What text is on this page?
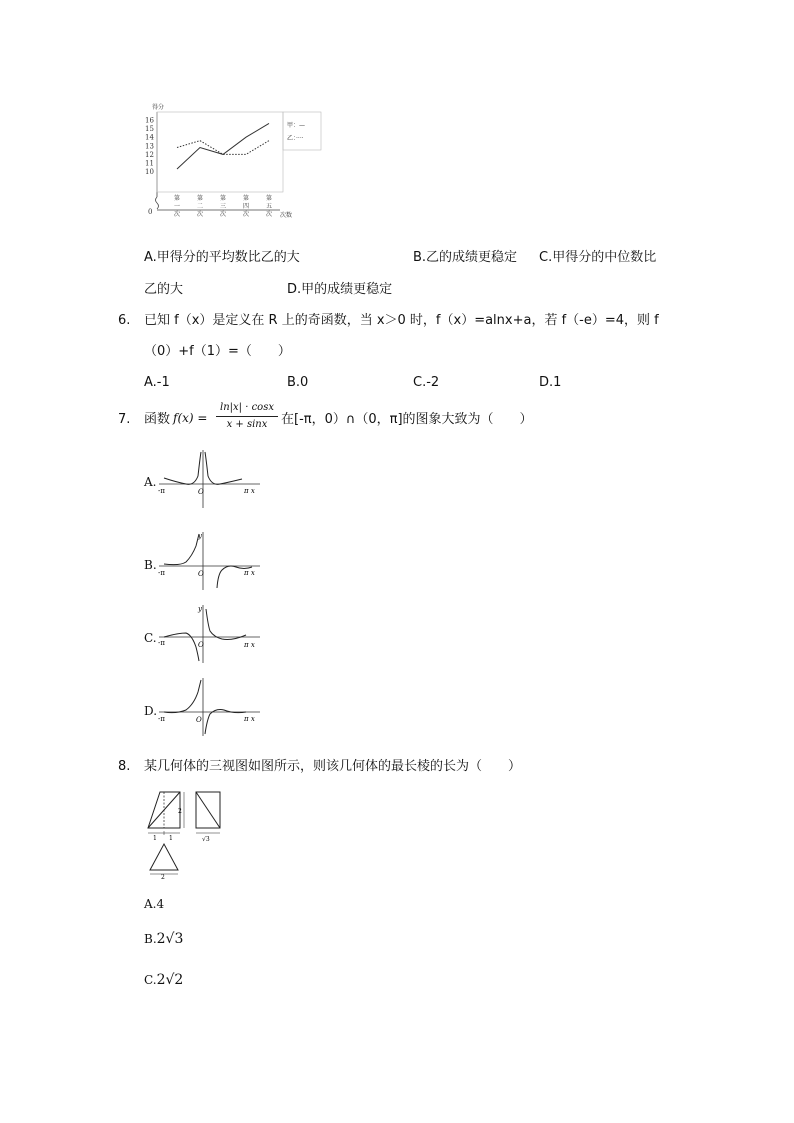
得分
0
16
15
14
13
12
11
10
第
一
次
第
二
次
第
三
次
第
四
次
第
五
次 次数
甲：—
乙：····
A.甲得分的平均数比乙的大	B.乙的成绩更稳定 C.甲得分的中位数比
乙的大	D.甲的成绩更稳定
6. 已知 f（x）是定义在 R 上的奇函数，当 x＞0 时，f（x）=alnx+a，若 f（-e）=4，则 f
（0）+f（1）=（　　）
A.-1	B.0	C.-2	D.1
7. 函数 f(x) =
ln|x| · cosx
x + sinx	在[-π，0）∩（0，π]的图象大致为（　　）
A.
-π	O	π x
B.
y
-π	O	π x
C.
y
-π	O	π x
D.
-π	O	π x
8. 某几何体的三视图如图所示，则该几何体的最长棱的长为（　　）
1 1
2
√3
2
A.4
B.2√3
C.2√2
